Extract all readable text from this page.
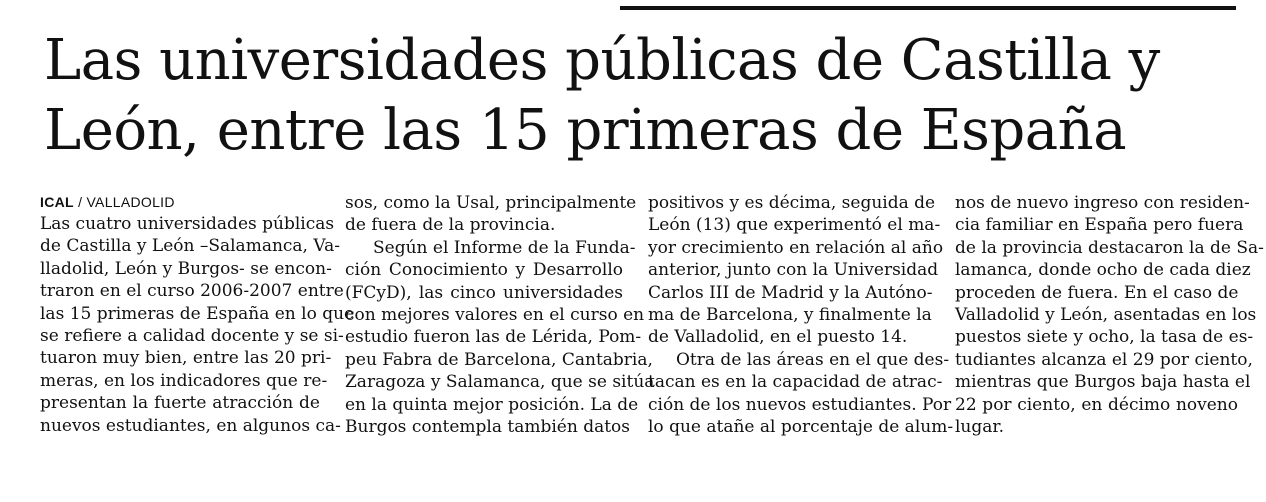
Las universidades públicas de Castilla y
León, entre las 15 primeras de España
ICAL / VALLADOLID

Las cuatro universidades públicas
de Castilla y León –Salamanca, Va-
lladolid, León y Burgos- se encon-
traron en el curso 2006-2007 entre
las 15 primeras de España en lo que
se refiere a calidad docente y se si-
tuaron muy bien, entre las 20 pri-
meras, en los indicadores que re-
presentan la fuerte atracción de
nuevos estudiantes, en algunos ca-

sos, como la Usal, principalmente
de fuera de la provincia.

Según el Informe de la Funda-
ción Conocimiento y Desarrollo
(FCyD), las cinco universidades
con mejores valores en el curso en
estudio fueron las de Lérida, Pom-
peu Fabra de Barcelona, Cantabria,
Zaragoza y Salamanca, que se sitúa
en la quinta mejor posición. La de
Burgos contempla también datos

positivos y es décima, seguida de
León (13) que experimentó el ma-
yor crecimiento en relación al año
anterior, junto con la Universidad
Carlos III de Madrid y la Autóno-
ma de Barcelona, y finalmente la
de Valladolid, en el puesto 14.

Otra de las áreas en el que des-
tacan es en la capacidad de atrac-
ción de los nuevos estudiantes. Por
lo que atañe al porcentaje de alum-

nos de nuevo ingreso con residen-
cia familiar en España pero fuera
de la provincia destacaron la de Sa-
lamanca, donde ocho de cada diez
proceden de fuera. En el caso de
Valladolid y León, asentadas en los
puestos siete y ocho, la tasa de es-
tudiantes alcanza el 29 por ciento,
mientras que Burgos baja hasta el
22 por ciento, en décimo noveno
lugar.
